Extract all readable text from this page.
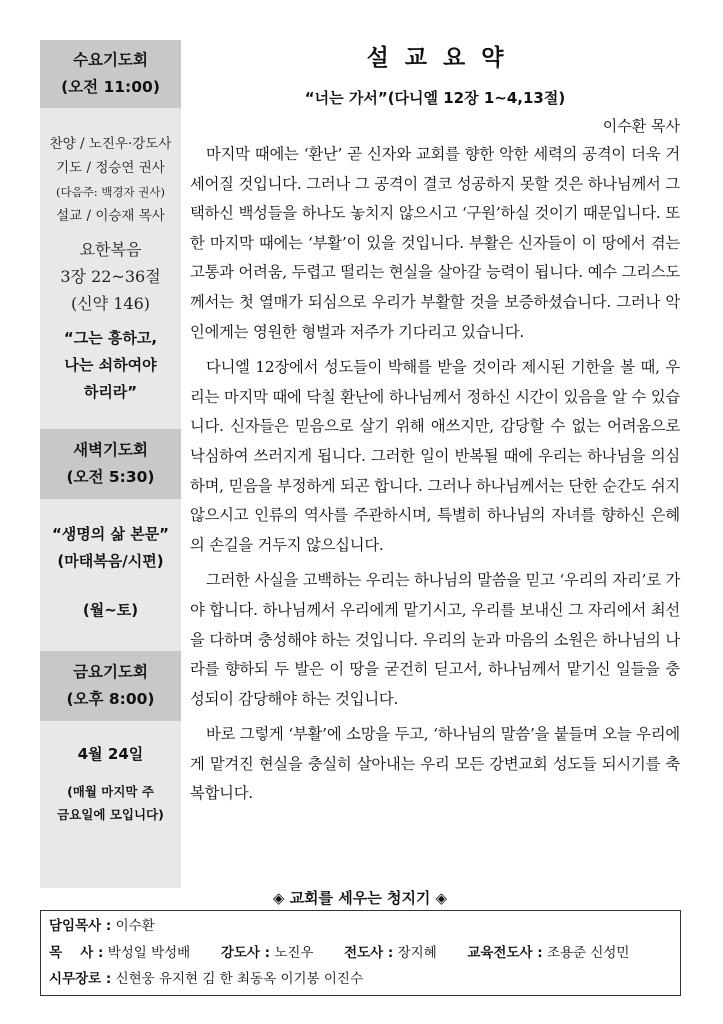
수요기도회
(오전 11:00)
찬양 / 노진우·강도사
기도 / 정승연 권사
(다음주: 백경자 권사)
설교 / 이승재 목사
요한복음
3장 22~36절
(신약 146)
“그는 흥하고,
나는 쇠하여야
하리라”
새벽기도회
(오전 5:30)
“생명의 삶 본문”
(마태복음/시편)
(월~토)
금요기도회
(오후 8:00)
4월 24일
(매월 마지막 주
금요일에 모입니다)
설교요약
“너는 가서”(다니엘 12장 1~4,13절)
이수환 목사

마지막 때에는 ‘환난’ 곧 신자와 교회를 향한 악한 세력의 공격이 더욱 거세어질 것입니다. 그러나 그 공격이 결코 성공하지 못할 것은 하나님께서 그 택하신 백성들을 하나도 놓치지 않으시고 ‘구원’하실 것이기 때문입니다. 또한 마지막 때에는 ‘부활’이 있을 것입니다. 부활은 신자들이 이 땅에서 겪는 고통과 어려움, 두렵고 떨리는 현실을 살아갈 능력이 됩니다. 예수 그리스도께서는 첫 열매가 되심으로 우리가 부활할 것을 보증하셨습니다. 그러나 악인에게는 영원한 형벌과 저주가 기다리고 있습니다.

다니엘 12장에서 성도들이 박해를 받을 것이라 제시된 기한을 볼 때, 우리는 마지막 때에 닥칠 환난에 하나님께서 정하신 시간이 있음을 알 수 있습니다. 신자들은 믿음으로 살기 위해 애쓰지만, 감당할 수 없는 어려움으로 낙심하여 쓰러지게 됩니다. 그러한 일이 반복될 때에 우리는 하나님을 의심하며, 믿음을 부정하게 되곤 합니다. 그러나 하나님께서는 단한 순간도 쉬지 않으시고 인류의 역사를 주관하시며, 특별히 하나님의 자녀를 향하신 은혜의 손길을 거두지 않으십니다.

그러한 사실을 고백하는 우리는 하나님의 말씀을 믿고 ‘우리의 자리’로 가야 합니다. 하나님께서 우리에게 맡기시고, 우리를 보내신 그 자리에서 최선을 다하며 충성해야 하는 것입니다. 우리의 눈과 마음의 소원은 하나님의 나라를 향하되 두 발은 이 땅을 굳건히 딛고서, 하나님께서 맡기신 일들을 충성되이 감당해야 하는 것입니다.

바로 그렇게 ‘부활’에 소망을 두고, ‘하나님의 말씀’을 붙들며 오늘 우리에게 맡겨진 현실을 충실히 살아내는 우리 모든 강변교회 성도들 되시기를 축복합니다.

◈ 교회를 세우는 청지기 ◈
담임목사 : 이수환
목　 사 : 박성일 박성배 강도사 : 노진우 전도사 : 장지혜 교육전도사 : 조용준 신성민
시무장로 : 신현웅 유지현 김 한 최동옥 이기봉 이진수
